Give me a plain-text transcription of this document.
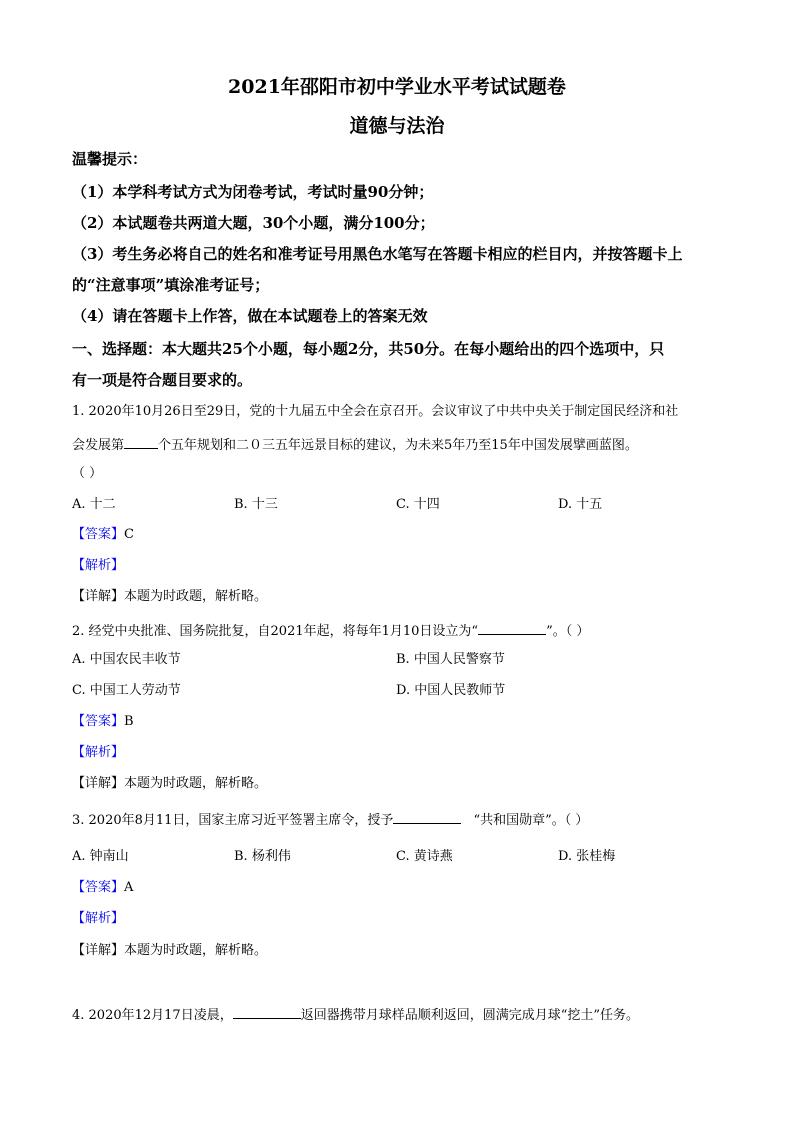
2021年邵阳市初中学业水平考试试题卷
道德与法治
温馨提示：
（1）本学科考试方式为闭卷考试，考试时量90分钟；
（2）本试题卷共两道大题，30个小题，满分100分；
（3）考生务必将自己的姓名和准考证号用黑色水笔写在答题卡相应的栏目内，并按答题卡上
的“注意事项”填涂准考证号；
（4）请在答题卡上作答，做在本试题卷上的答案无效
一、选择题：本大题共25个小题，每小题2分，共50分。在每小题给出的四个选项中，只
有一项是符合题目要求的。
1. 2020年10月26日至29日，党的十九届五中全会在京召开。会议审议了中共中央关于制定国民经济和社
会发展第	个五年规划和二０三五年远景目标的建议，为未来5年乃至15年中国发展擘画蓝图。
（ ）
A. 十二	B. 十三	C. 十四	D. 十五
【答案】C
【解析】
【详解】本题为时政题，解析略。
2. 经党中央批准、国务院批复，自2021年起，将每年1月10日设立为“	”。（ ）
A. 中国农民丰收节	B. 中国人民警察节
C. 中国工人劳动节	D. 中国人民教师节
【答案】B
【解析】
【详解】本题为时政题，解析略。
3. 2020年8月11日，国家主席习近平签署主席令，授予	“共和国勋章”。（ ）
A. 钟南山	B. 杨利伟	C. 黄诗燕	D. 张桂梅
【答案】A
【解析】
【详解】本题为时政题，解析略。
4. 2020年12月17日凌晨，	返回器携带月球样品顺利返回，圆满完成月球“挖土”任务。
